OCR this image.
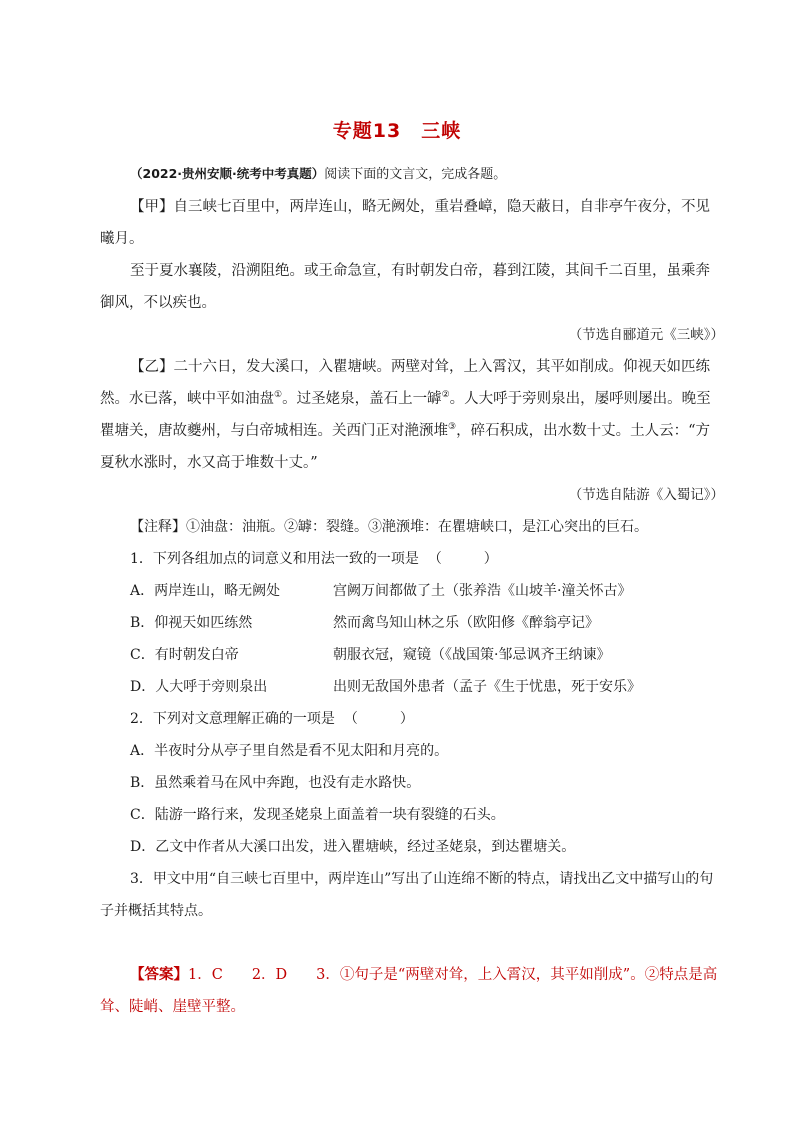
专题13　三峡

（2022·贵州安顺·统考中考真题）阅读下面的文言文，完成各题。

【甲】自三峡七百里中，两岸连山，略无阙处，重岩叠嶂，隐天蔽日，自非亭午夜分，不见曦月。

至于夏水襄陵，沿溯阻绝。或王命急宣，有时朝发白帝，暮到江陵，其间千二百里，虽乘奔御风，不以疾也。

（节选自郦道元《三峡》）

【乙】二十六日，发大溪口，入瞿塘峡。两壁对耸，上入霄汉，其平如削成。仰视天如匹练然。水已落，峡中平如油盘①。过圣姥泉，盖石上一罅②。人大呼于旁则泉出，屡呼则屡出。晚至瞿塘关，唐故夔州，与白帝城相连。关西门正对滟滪堆③，碎石积成，出水数十丈。土人云：“方夏秋水涨时，水又高于堆数十丈。”

（节选自陆游《入蜀记》）

【注释】①油盘：油瓶。②罅：裂缝。③滟滪堆：在瞿塘峡口，是江心突出的巨石。

1．下列各组加点的词意义和用法一致的一项是 （　　　）

A．两岸连山，略无阙处	宫阙万间都做了土（张养浩《山坡羊·潼关怀古》
B．仰视天如匹练然	然而禽鸟知山林之乐（欧阳修《醉翁亭记》
C．有时朝发白帝	朝服衣冠，窥镜（《战国策·邹忌讽齐王纳谏》
D．人大呼于旁则泉出	出则无敌国外患者（孟子《生于忧患，死于安乐》

2．下列对文意理解正确的一项是 （　　　）

A．半夜时分从亭子里自然是看不见太阳和月亮的。

B．虽然乘着马在风中奔跑，也没有走水路快。

C．陆游一路行来，发现圣姥泉上面盖着一块有裂缝的石头。

D．乙文中作者从大溪口出发，进入瞿塘峡，经过圣姥泉，到达瞿塘关。

3．甲文中用“自三峡七百里中，两岸连山”写出了山连绵不断的特点，请找出乙文中描写山的句子并概括其特点。

【答案】1．C　　2．D　　3．①句子是“两壁对耸，上入霄汉，其平如削成”。②特点是高耸、陡峭、崖壁平整。
